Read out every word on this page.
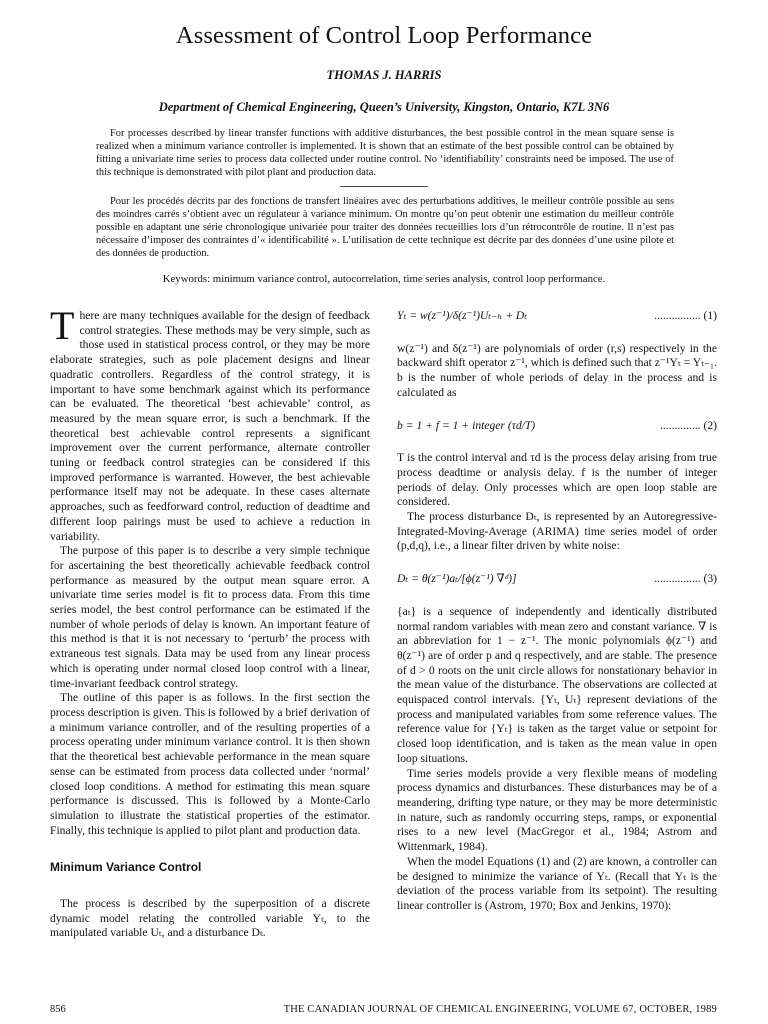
Assessment of Control Loop Performance
THOMAS J. HARRIS
Department of Chemical Engineering, Queen’s University, Kingston, Ontario, K7L 3N6

For processes described by linear transfer functions with additive disturbances, the best possible control in the mean square sense is realized when a minimum variance controller is implemented. It is shown that an estimate of the best possible control can be obtained by fitting a univariate time series to process data collected under routine control. No ‘identifiability’ constraints need be imposed. The use of this technique is demonstrated with pilot plant and production data.

Pour les procédés décrits par des fonctions de transfert linéaires avec des perturbations additives, le meilleur contrôle possible au sens des moindres carrés s’obtient avec un régulateur à variance minimum. On montre qu’on peut obtenir une estimation du meilleur contrôle possible en adaptant une série chronologique univariée pour traiter des données recueillies lors d’un rétrocontrôle de routine. Il n’est pas nécessaire d’imposer des contraintes d’« identificabilité ». L’utilisation de cette technique est décrite par des données d’une usine pilote et des données de production.

Keywords: minimum variance control, autocorrelation, time series analysis, control loop performance.

There are many techniques available for the design of feedback control strategies. These methods may be very simple, such as those used in statistical process control, or they may be more elaborate strategies, such as pole placement designs and linear quadratic controllers. Regardless of the control strategy, it is important to have some benchmark against which its performance can be evaluated. The theoretical ‘best achievable’ control, as measured by the mean square error, is such a benchmark. If the theoretical best achievable control represents a significant improvement over the current performance, alternate controller tuning or feedback control strategies can be considered if this improved performance is warranted. However, the best achievable performance itself may not be adequate. In these cases alternate approaches, such as feedforward control, reduction of deadtime and different loop pairings must be used to achieve a reduction in variability.

The purpose of this paper is to describe a very simple technique for ascertaining the best theoretically achievable feedback control performance as measured by the output mean square error. A univariate time series model is fit to process data. From this time series model, the best control performance can be estimated if the number of whole periods of delay is known. An important feature of this method is that it is not necessary to ‘perturb’ the process with extraneous test signals. Data may be used from any linear process which is operating under normal closed loop control with a linear, time-invariant feedback control strategy.

The outline of this paper is as follows. In the first section the process description is given. This is followed by a brief derivation of a minimum variance controller, and of the resulting properties of a process operating under minimum variance control. It is then shown that the theoretical best achievable performance in the mean square sense can be estimated from process data collected under ‘normal’ closed loop conditions. A method for estimating this mean square performance is discussed. This is followed by a Monte-Carlo simulation to illustrate the statistical properties of the estimator. Finally, this technique is applied to pilot plant and production data.

Minimum Variance Control

The process is described by the superposition of a discrete dynamic model relating the controlled variable Yₜ, to the manipulated variable Uₜ, and a disturbance Dₜ.

Yₜ = w(z⁻¹)/δ(z⁻¹)Uₜ₋ₕ + Dₜ	................ (1)

w(z⁻¹) and δ(z⁻¹) are polynomials of order (r,s) respectively in the backward shift operator z⁻¹, which is defined such that z⁻¹Yₜ = Yₜ₋₁. b is the number of whole periods of delay in the process and is calculated as

b = 1 + f = 1 + integer (τd/T)	.............. (2)

T is the control interval and τd is the process delay arising from true process deadtime or analysis delay. f is the number of integer periods of delay. Only processes which are open loop stable are considered.

The process disturbance Dₜ, is represented by an Autoregressive-Integrated-Moving-Average (ARIMA) time series model of order (p,d,q), i.e., a linear filter driven by white noise:

Dₜ = θ(z⁻¹)aₜ/[ϕ(z⁻¹) ∇ᵈ)]	................ (3)

{aₜ} is a sequence of independently and identically distributed normal random variables with mean zero and constant variance. ∇ is an abbreviation for 1 − z⁻¹. The monic polynomials ϕ(z⁻¹) and θ(z⁻¹) are of order p and q respectively, and are stable. The presence of d > 0 roots on the unit circle allows for nonstationary behavior in the mean value of the disturbance. The observations are collected at equispaced control intervals. {Yₜ, Uₜ} represent deviations of the process and manipulated variables from some reference values. The reference value for {Yₜ} is taken as the target value or setpoint for closed loop identification, and is taken as the mean value in open loop situations.

Time series models provide a very flexible means of modeling process dynamics and disturbances. These disturbances may be of a meandering, drifting type nature, or they may be more deterministic in nature, such as randomly occurring steps, ramps, or exponential rises to a new level (MacGregor et al., 1984; Astrom and Wittenmark, 1984).

When the model Equations (1) and (2) are known, a controller can be designed to minimize the variance of Yₜ. (Recall that Yₜ is the deviation of the process variable from its setpoint). The resulting linear controller is (Astrom, 1970; Box and Jenkins, 1970):

856	THE CANADIAN JOURNAL OF CHEMICAL ENGINEERING, VOLUME 67, OCTOBER, 1989
